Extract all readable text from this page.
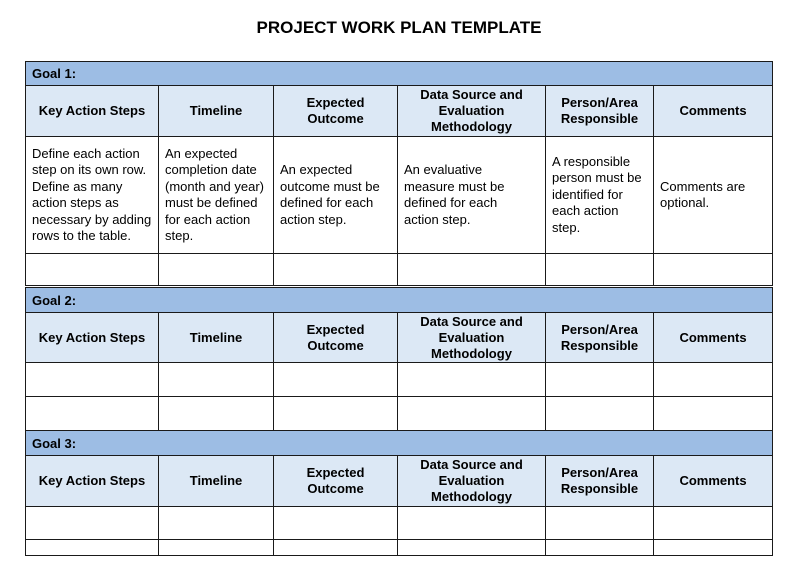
PROJECT WORK PLAN TEMPLATE
Goal 1:					
Key Action Steps	Timeline	Expected Outcome	Data Source and Evaluation Methodology	Person/Area Responsible	Comments
Define each action step on its own row. Define as many action steps as necessary by adding rows to the table.	An expected completion date (month and year) must be defined for each action step.	An expected outcome must be defined for each action step.	An evaluative measure must be defined for each action step.	A responsible person must be identified for each action step.	Comments are optional.

Goal 2:					
Key Action Steps	Timeline	Expected Outcome	Data Source and Evaluation Methodology	Person/Area Responsible	Comments

Goal 3:					
Key Action Steps	Timeline	Expected Outcome	Data Source and Evaluation Methodology	Person/Area Responsible	Comments
